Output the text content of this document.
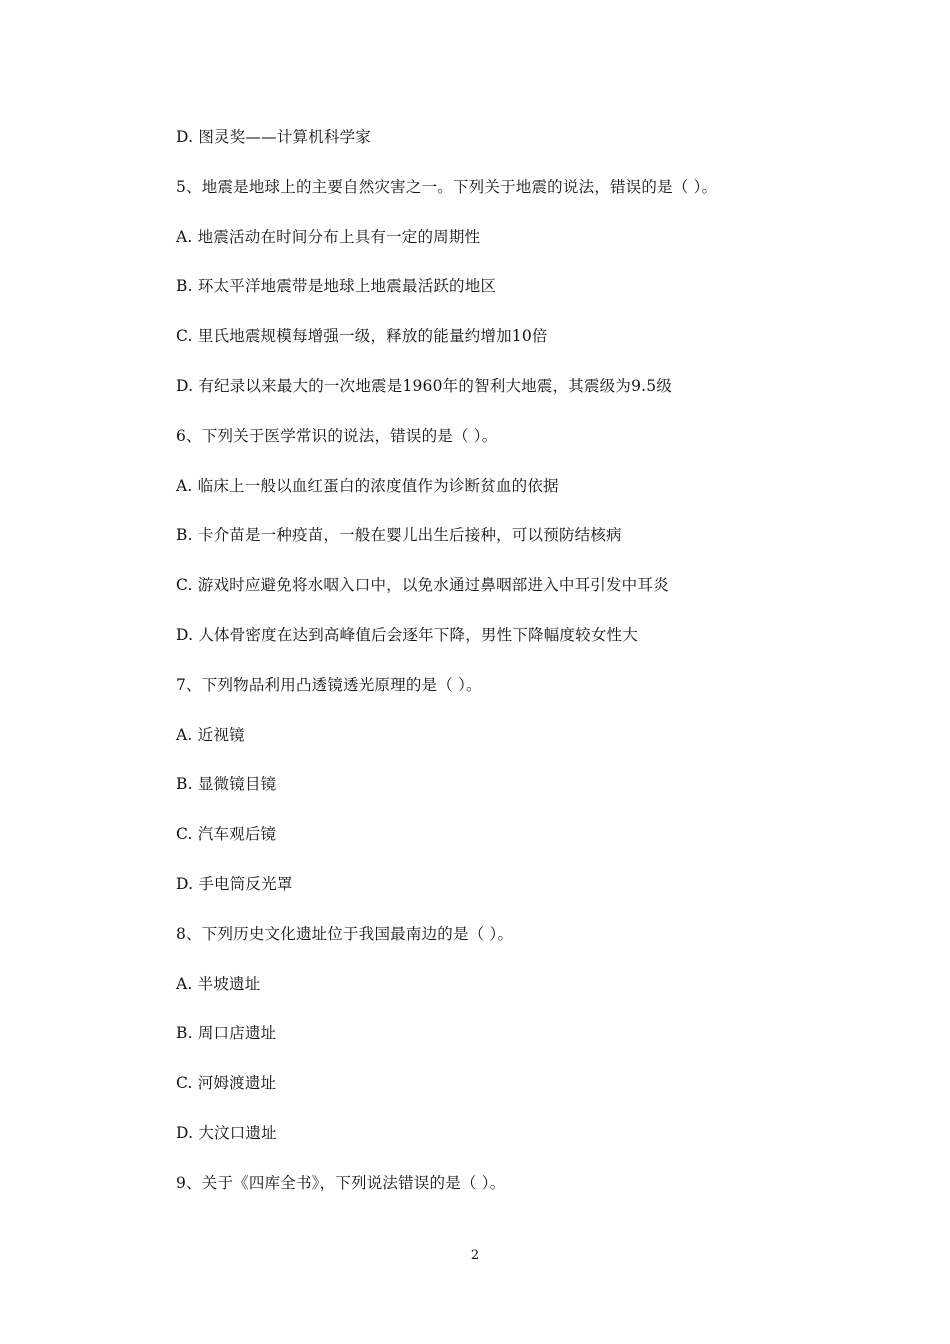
D. 图灵奖——计算机科学家
5、地震是地球上的主要自然灾害之一。下列关于地震的说法，错误的是（ ）。
A. 地震活动在时间分布上具有一定的周期性
B. 环太平洋地震带是地球上地震最活跃的地区
C. 里氏地震规模每增强一级，释放的能量约增加10倍
D. 有纪录以来最大的一次地震是1960年的智利大地震，其震级为9.5级
6、下列关于医学常识的说法，错误的是（ ）。
A. 临床上一般以血红蛋白的浓度值作为诊断贫血的依据
B. 卡介苗是一种疫苗，一般在婴儿出生后接种，可以预防结核病
C. 游戏时应避免将水咽入口中，以免水通过鼻咽部进入中耳引发中耳炎
D. 人体骨密度在达到高峰值后会逐年下降，男性下降幅度较女性大
7、下列物品利用凸透镜透光原理的是（ ）。
A. 近视镜
B. 显微镜目镜
C. 汽车观后镜
D. 手电筒反光罩
8、下列历史文化遗址位于我国最南边的是（ ）。
A. 半坡遗址
B. 周口店遗址
C. 河姆渡遗址
D. 大汶口遗址
9、关于《四库全书》，下列说法错误的是（ ）。
2
